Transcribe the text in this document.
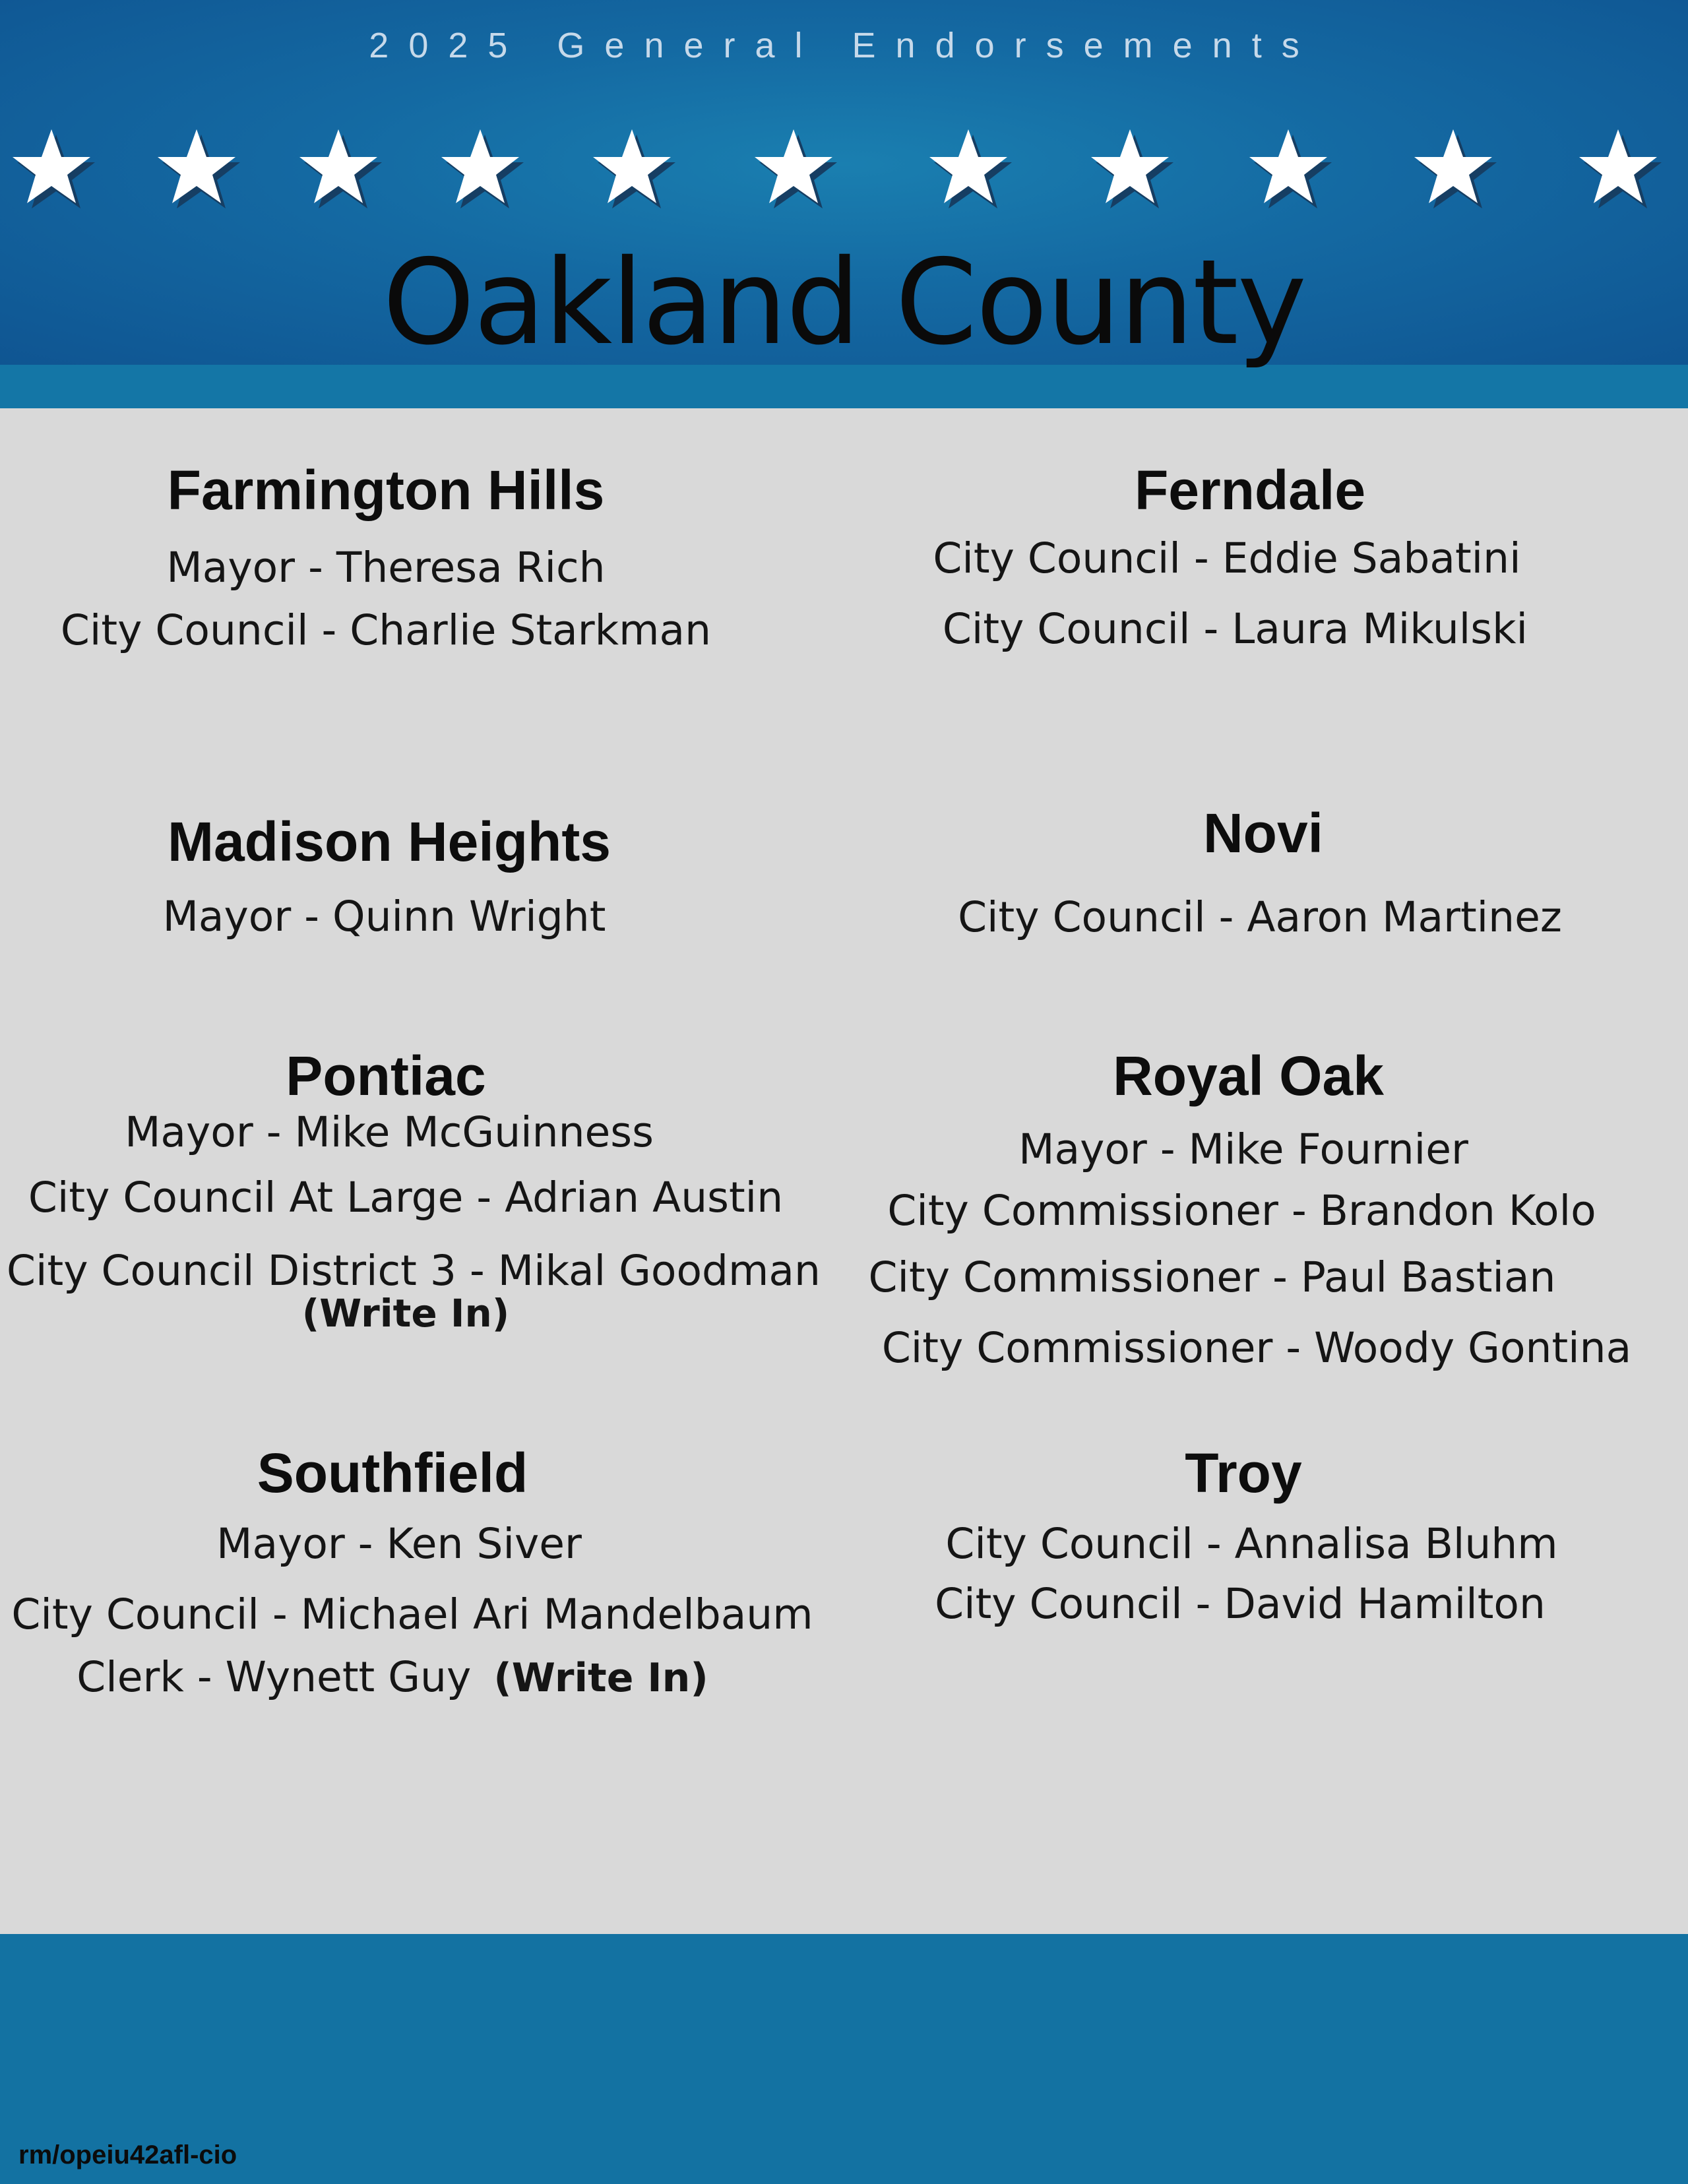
2025 General Endorsements
Oakland County
Farmington Hills
Mayor - Theresa Rich
City Council - Charlie Starkman
Ferndale
City Council - Eddie Sabatini
City Council - Laura Mikulski
Madison Heights
Mayor - Quinn Wright
Novi
City Council - Aaron Martinez
Pontiac
Mayor - Mike McGuinness
City Council At Large - Adrian Austin
City Council District 3 - Mikal Goodman
(Write In)
Royal Oak
Mayor - Mike Fournier
City Commissioner - Brandon Kolo
City Commissioner - Paul Bastian
City Commissioner - Woody Gontina
Southfield
Mayor - Ken Siver
City Council - Michael Ari Mandelbaum
Clerk - Wynett Guy (Write In)
Troy
City Council - Annalisa Bluhm
City Council - David Hamilton
rm/opeiu42afl-cio
